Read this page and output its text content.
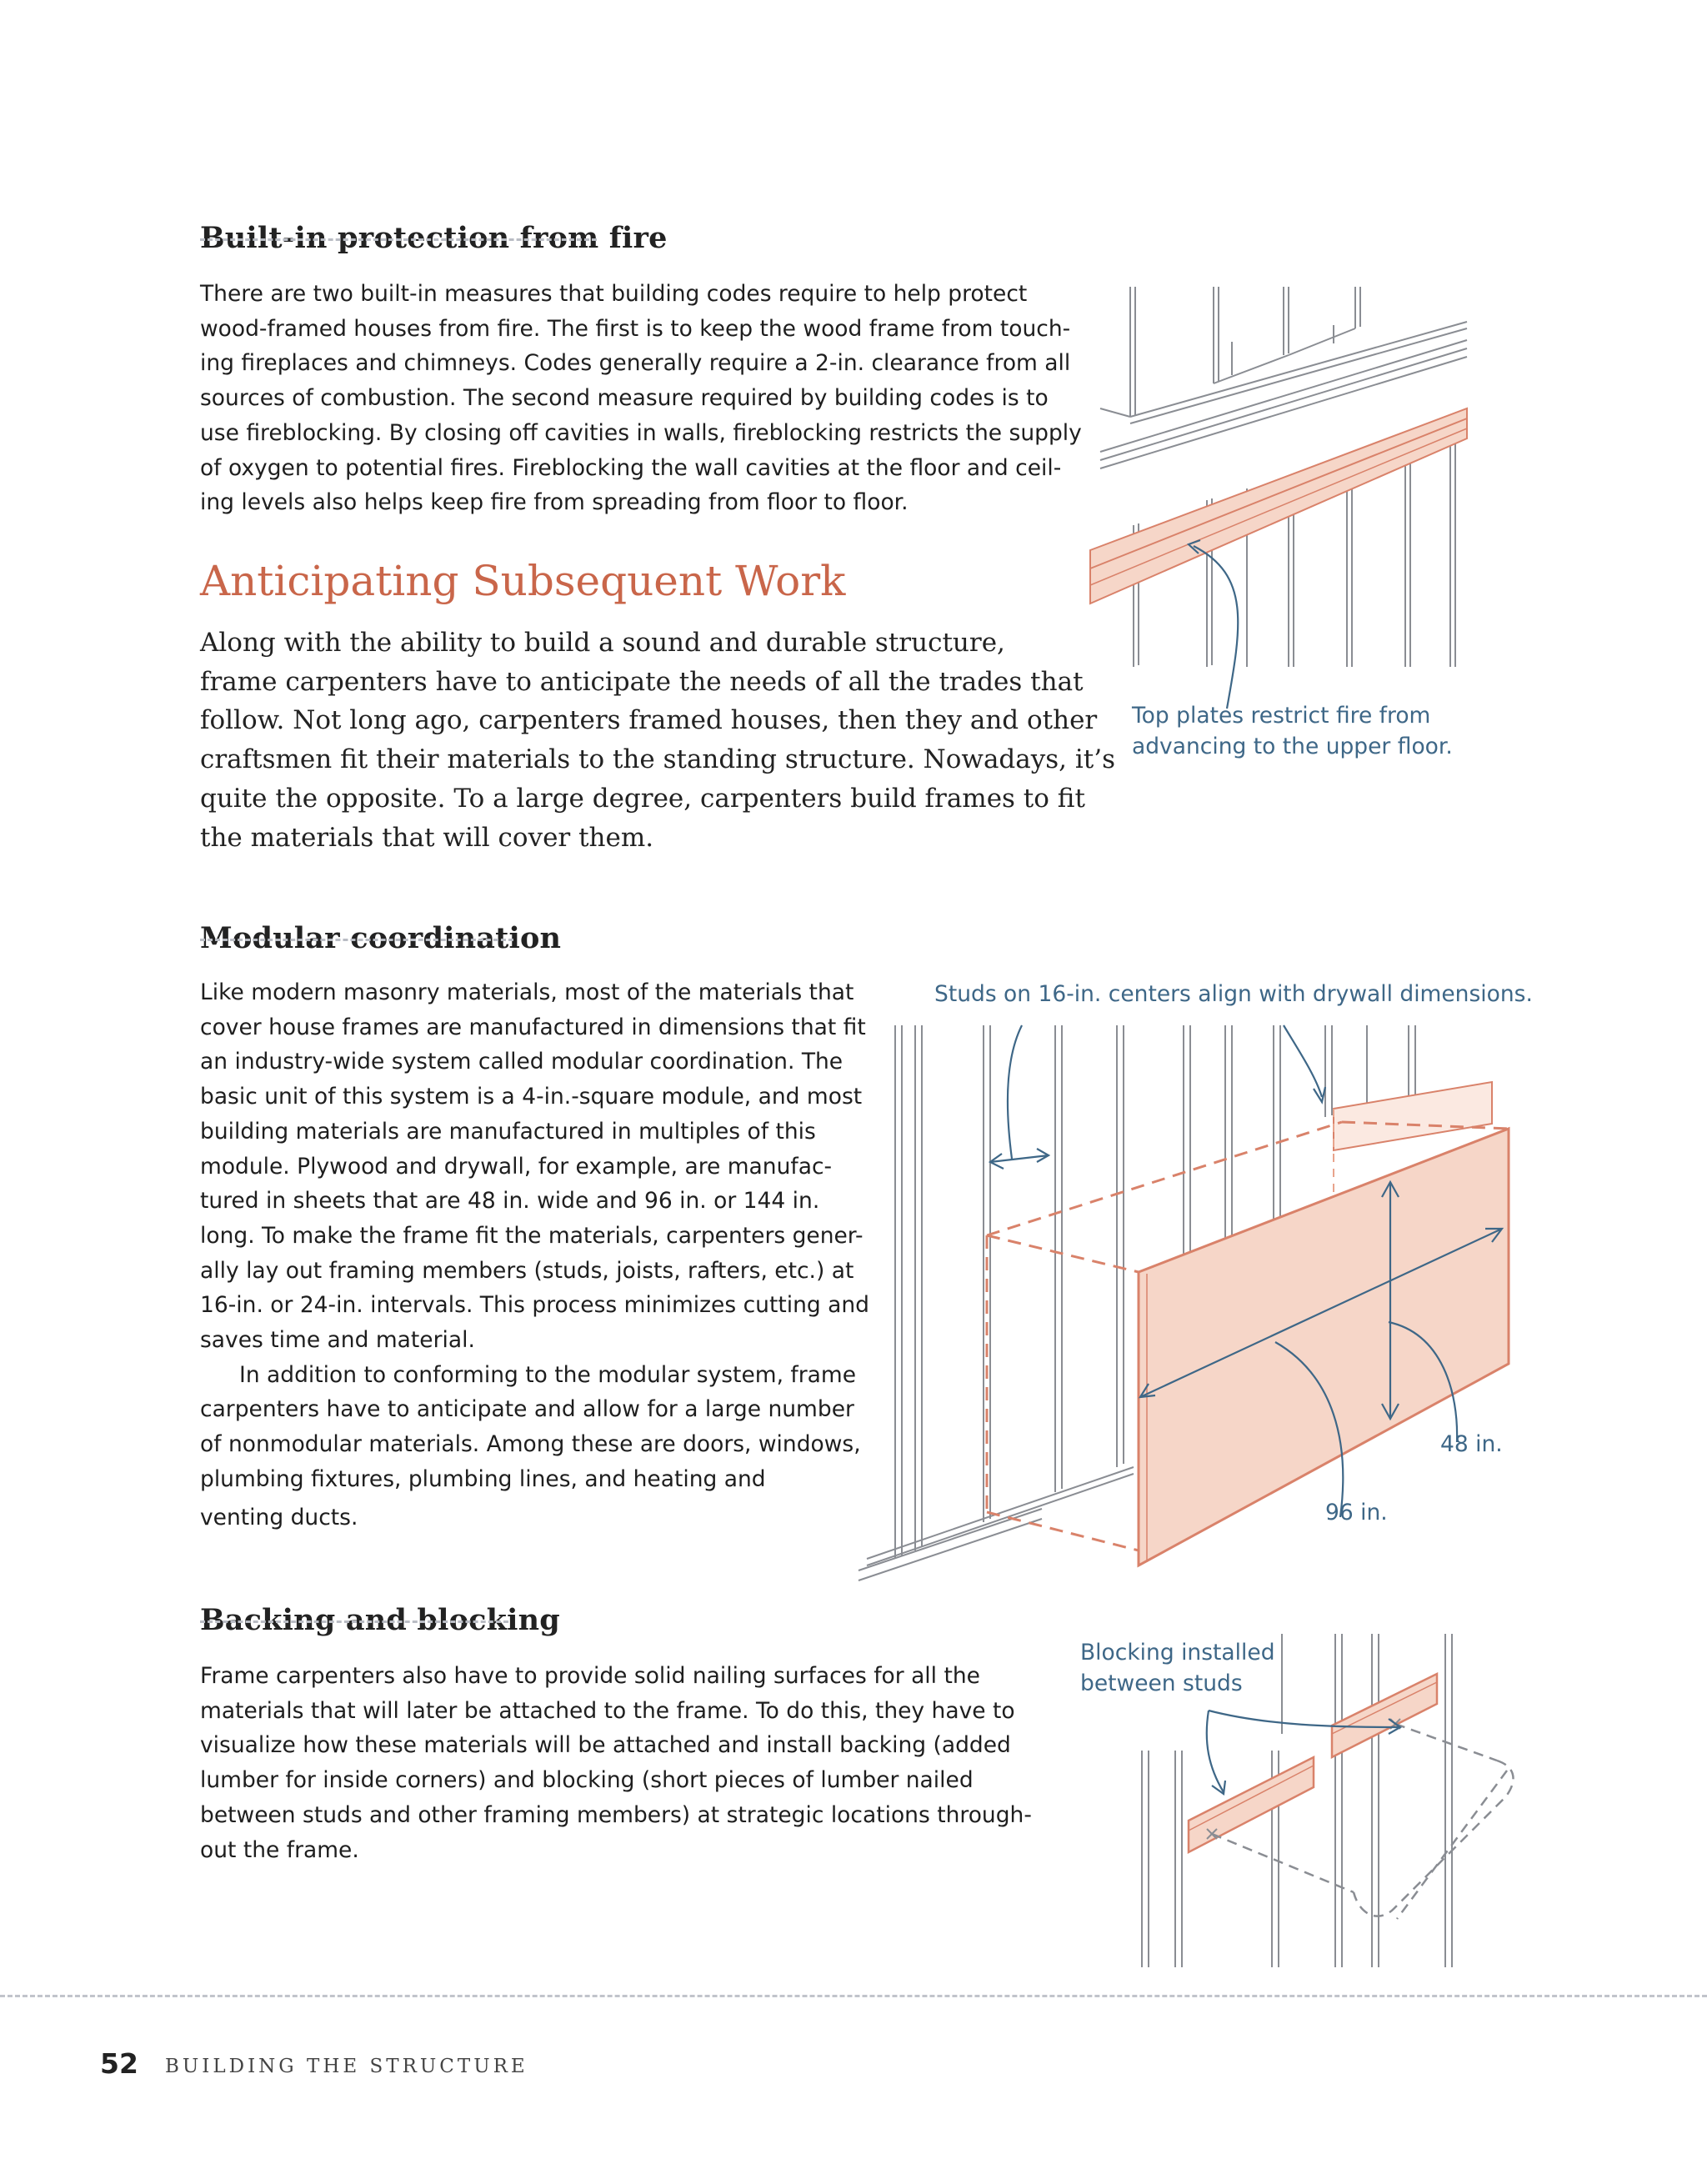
Built-in protection from fire

There are two built-in measures that building codes require to help protect
wood-framed houses from fire. The first is to keep the wood frame from touch-
ing fireplaces and chimneys. Codes generally require a 2-in. clearance from all
sources of combustion. The second measure required by building codes is to
use fireblocking. By closing off cavities in walls, fireblocking restricts the supply
of oxygen to potential fires. Fireblocking the wall cavities at the floor and ceil-
ing levels also helps keep fire from spreading from floor to floor.

Anticipating Subsequent Work

Along with the ability to build a sound and durable structure,
frame carpenters have to anticipate the needs of all the trades that
follow. Not long ago, carpenters framed houses, then they and other
craftsmen fit their materials to the standing structure. Nowadays, it’s
quite the opposite. To a large degree, carpenters build frames to fit
the materials that will cover them.

Modular coordination

Like modern masonry materials, most of the materials that
cover house frames are manufactured in dimensions that fit
an industry-wide system called modular coordination. The
basic unit of this system is a 4-in.-square module, and most
building materials are manufactured in multiples of this
module. Plywood and drywall, for example, are manufac-
tured in sheets that are 48 in. wide and 96 in. or 144 in.
long. To make the frame fit the materials, carpenters gener-
ally lay out framing members (studs, joists, rafters, etc.) at
16-in. or 24-in. intervals. This process minimizes cutting and
saves time and material.
In addition to conforming to the modular system, frame
carpenters have to anticipate and allow for a large number
of nonmodular materials. Among these are doors, windows,
plumbing fixtures, plumbing lines, and heating and
venting ducts.

Backing and blocking

Frame carpenters also have to provide solid nailing surfaces for all the
materials that will later be attached to the frame. To do this, they have to
visualize how these materials will be attached and install backing (added
lumber for inside corners) and blocking (short pieces of lumber nailed
between studs and other framing members) at strategic locations through-
out the frame.

Top plates restrict fire from
advancing to the upper floor.

Studs on 16-in. centers align with drywall dimensions.

48 in.

96 in.

Blocking installed
between studs

52 BUILDING THE STRUCTURE
